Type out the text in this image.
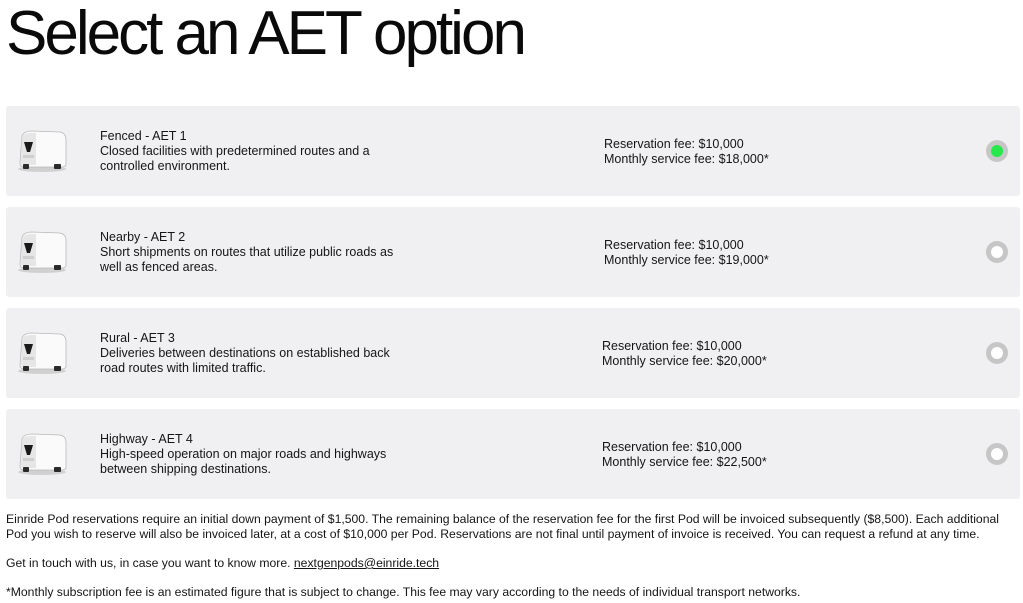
Select an AET option
Fenced - AET 1
Closed facilities with predetermined routes and a controlled environment.
Reservation fee: $10,000
Monthly service fee: $18,000*
Nearby - AET 2
Short shipments on routes that utilize public roads as well as fenced areas.
Reservation fee: $10,000
Monthly service fee: $19,000*
Rural - AET 3
Deliveries between destinations on established back road routes with limited traffic.
Reservation fee: $10,000
Monthly service fee: $20,000*
Highway - AET 4
High-speed operation on major roads and highways between shipping destinations.
Reservation fee: $10,000
Monthly service fee: $22,500*

Einride Pod reservations require an initial down payment of $1,500. The remaining balance of the reservation fee for the first Pod will be invoiced subsequently ($8,500). Each additional Pod you wish to reserve will also be invoiced later, at a cost of $10,000 per Pod. Reservations are not final until payment of invoice is received. You can request a refund at any time.

Get in touch with us, in case you want to know more. nextgenpods@einride.tech

*Monthly subscription fee is an estimated figure that is subject to change. This fee may vary according to the needs of individual transport networks.
